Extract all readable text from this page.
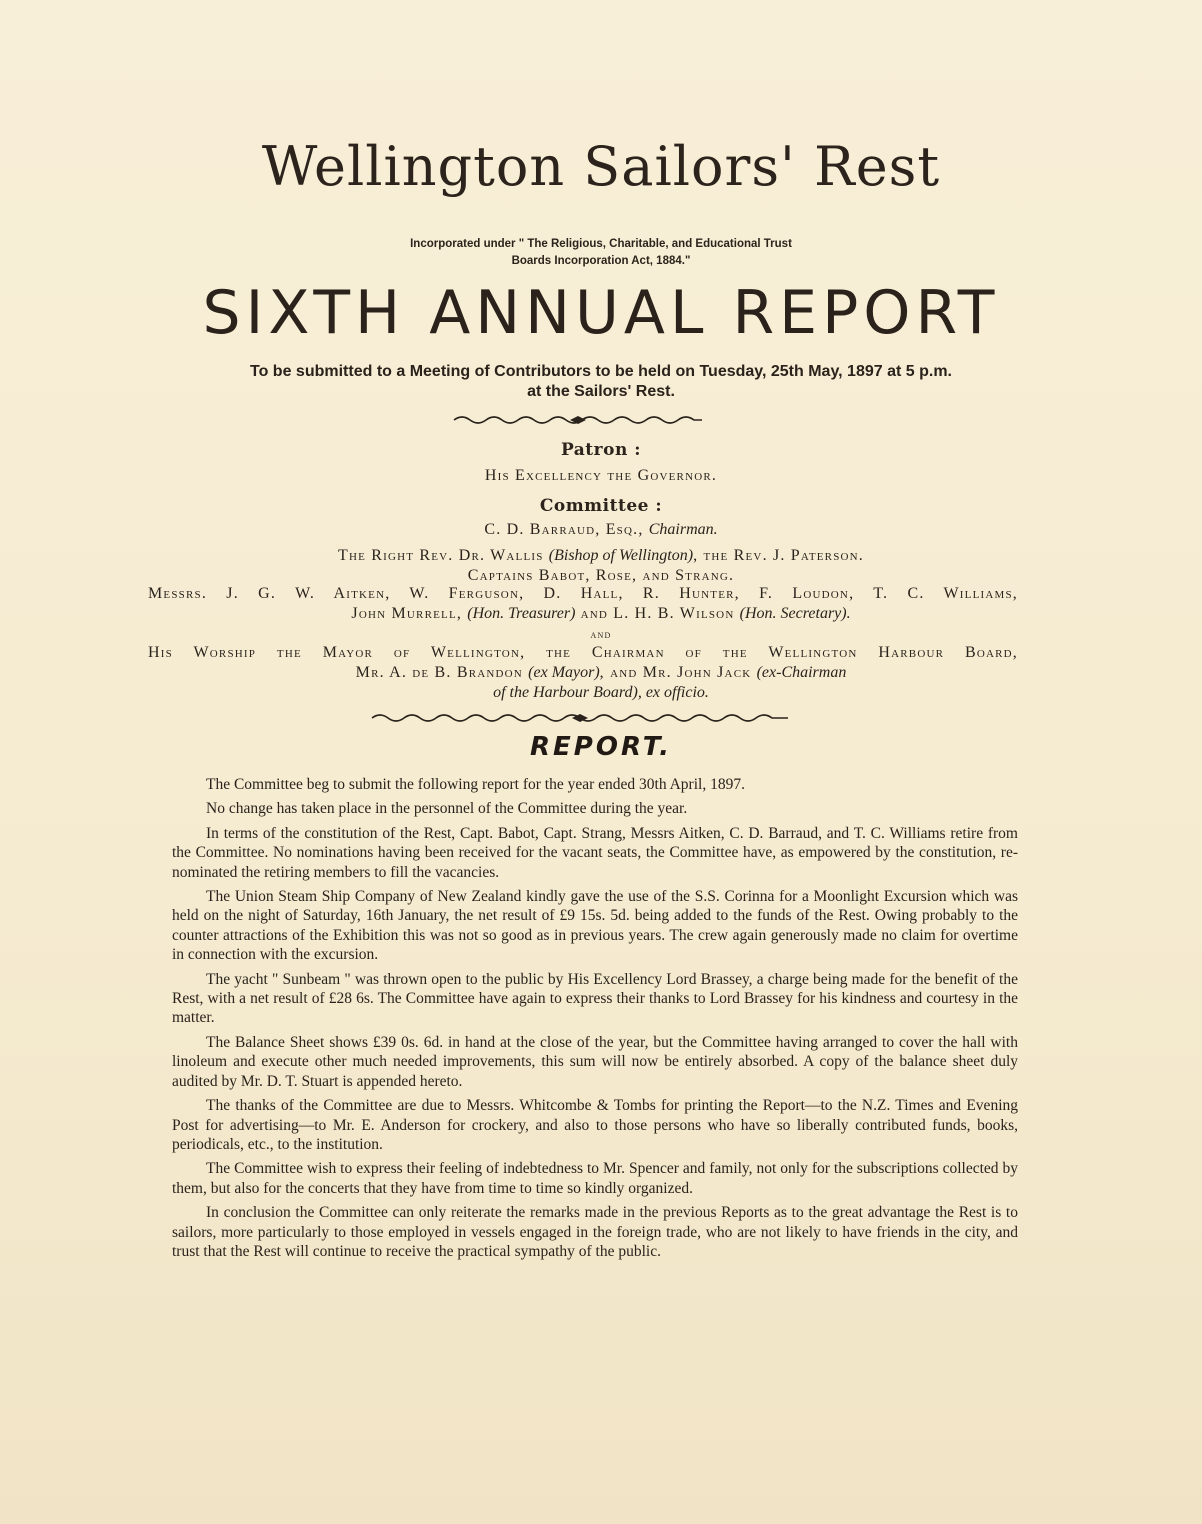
Wellington Sailors' Rest
Incorporated under " The Religious, Charitable, and Educational Trust
Boards Incorporation Act, 1884."
SIXTH ANNUAL REPORT
To be submitted to a Meeting of Contributors to be held on Tuesday, 25th May, 1897 at 5 p.m.
at the Sailors' Rest.
Patron :
His Excellency the Governor.
Committee :
C. D. Barraud, Esq., Chairman.
The Right Rev. Dr. Wallis (Bishop of Wellington), the Rev. J. Paterson.
Captains Babot, Rose, and Strang.
Messrs. J. G. W. Aitken, W. Ferguson, D. Hall, R. Hunter, F. Loudon, T. C. Williams,
John Murrell, (Hon. Treasurer) and L. H. B. Wilson (Hon. Secretary).
and
His Worship the Mayor of Wellington, the Chairman of the Wellington Harbour Board,
Mr. A. de B. Brandon (ex Mayor), and Mr. John Jack (ex-Chairman
of the Harbour Board), ex officio.
REPORT.

The Committee beg to submit the following report for the year ended 30th April, 1897.

No change has taken place in the personnel of the Committee during the year.

In terms of the constitution of the Rest, Capt. Babot, Capt. Strang, Messrs Aitken, C. D. Barraud, and T. C. Williams retire from the Committee. No nominations having been received for the vacant seats, the Committee have, as empowered by the constitution, re-nominated the retiring members to fill the vacancies.

The Union Steam Ship Company of New Zealand kindly gave the use of the S.S. Corinna for a Moonlight Excursion which was held on the night of Saturday, 16th January, the net result of £9 15s. 5d. being added to the funds of the Rest. Owing probably to the counter attractions of the Exhibition this was not so good as in previous years. The crew again generously made no claim for overtime in connection with the excursion.

The yacht " Sunbeam " was thrown open to the public by His Excellency Lord Brassey, a charge being made for the benefit of the Rest, with a net result of £28 6s. The Committee have again to express their thanks to Lord Brassey for his kindness and courtesy in the matter.

The Balance Sheet shows £39 0s. 6d. in hand at the close of the year, but the Committee having arranged to cover the hall with linoleum and execute other much needed improvements, this sum will now be entirely absorbed. A copy of the balance sheet duly audited by Mr. D. T. Stuart is appended hereto.

The thanks of the Committee are due to Messrs. Whitcombe & Tombs for printing the Report—to the N.Z. Times and Evening Post for advertising—to Mr. E. Anderson for crockery, and also to those persons who have so liberally contributed funds, books, periodicals, etc., to the institution.

The Committee wish to express their feeling of indebtedness to Mr. Spencer and family, not only for the subscriptions collected by them, but also for the concerts that they have from time to time so kindly organized.

In conclusion the Committee can only reiterate the remarks made in the previous Reports as to the great advantage the Rest is to sailors, more particularly to those employed in vessels engaged in the foreign trade, who are not likely to have friends in the city, and trust that the Rest will continue to receive the practical sympathy of the public.
